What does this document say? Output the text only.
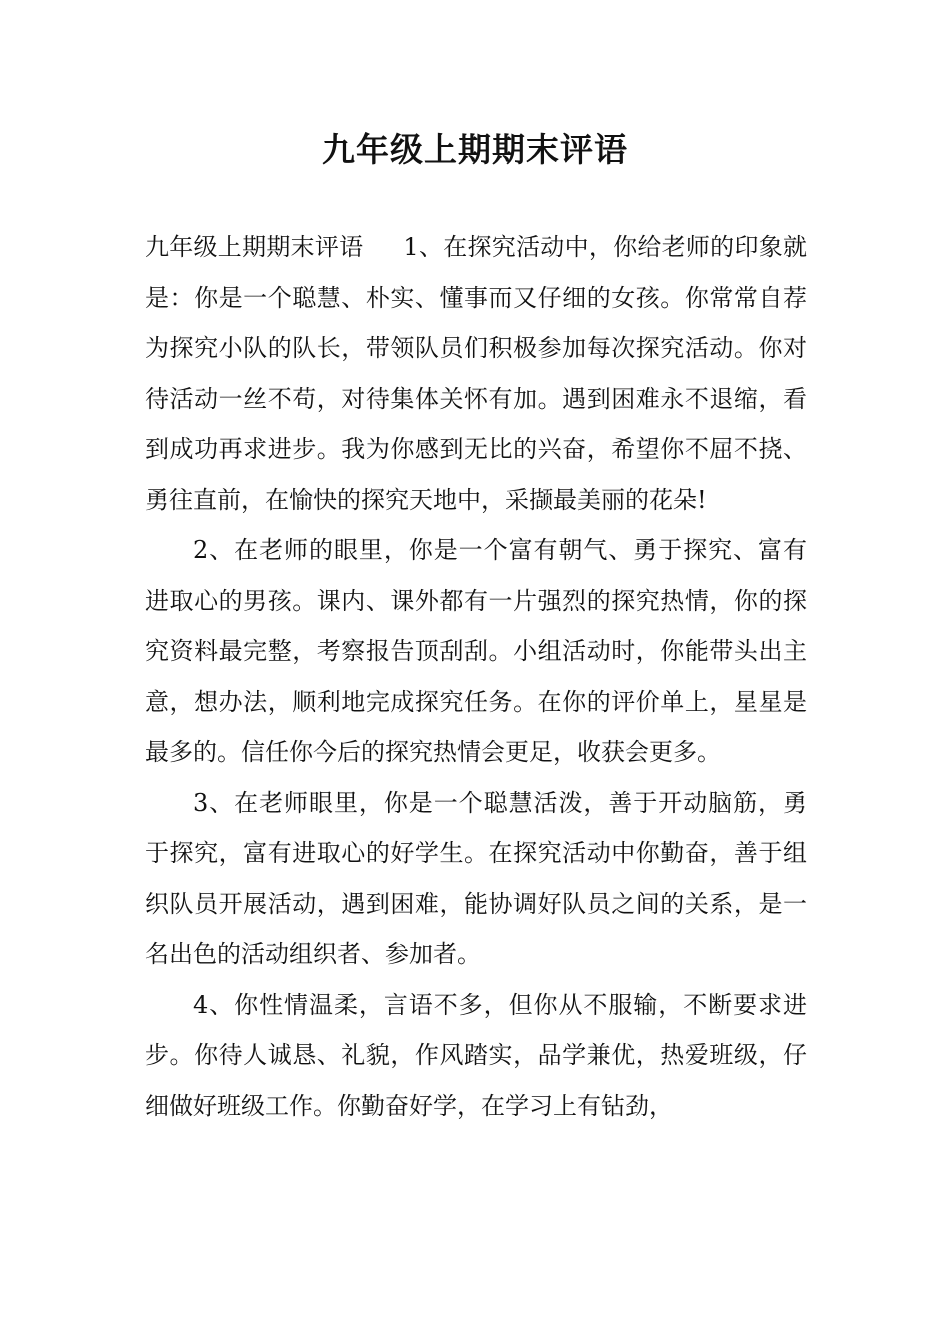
九年级上期期末评语

九年级上期期末评语 1、在探究活动中，你给老师的印象就是：你是一个聪慧、朴实、懂事而又仔细的女孩。你常常自荐为探究小队的队长，带领队员们积极参加每次探究活动。你对待活动一丝不苟，对待集体关怀有加。遇到困难永不退缩，看到成功再求进步。我为你感到无比的兴奋，希望你不屈不挠、勇往直前，在愉快的探究天地中，采撷最美丽的花朵!

2、在老师的眼里，你是一个富有朝气、勇于探究、富有进取心的男孩。课内、课外都有一片强烈的探究热情，你的探究资料最完整，考察报告顶刮刮。小组活动时，你能带头出主意，想办法，顺利地完成探究任务。在你的评价单上，星星是最多的。信任你今后的探究热情会更足，收获会更多。

3、在老师眼里，你是一个聪慧活泼，善于开动脑筋，勇于探究，富有进取心的好学生。在探究活动中你勤奋，善于组织队员开展活动，遇到困难，能协调好队员之间的关系，是一名出色的活动组织者、参加者。

4、你性情温柔，言语不多，但你从不服输，不断要求进步。你待人诚恳、礼貌，作风踏实，品学兼优，热爱班级，仔细做好班级工作。你勤奋好学，在学习上有钻劲，
